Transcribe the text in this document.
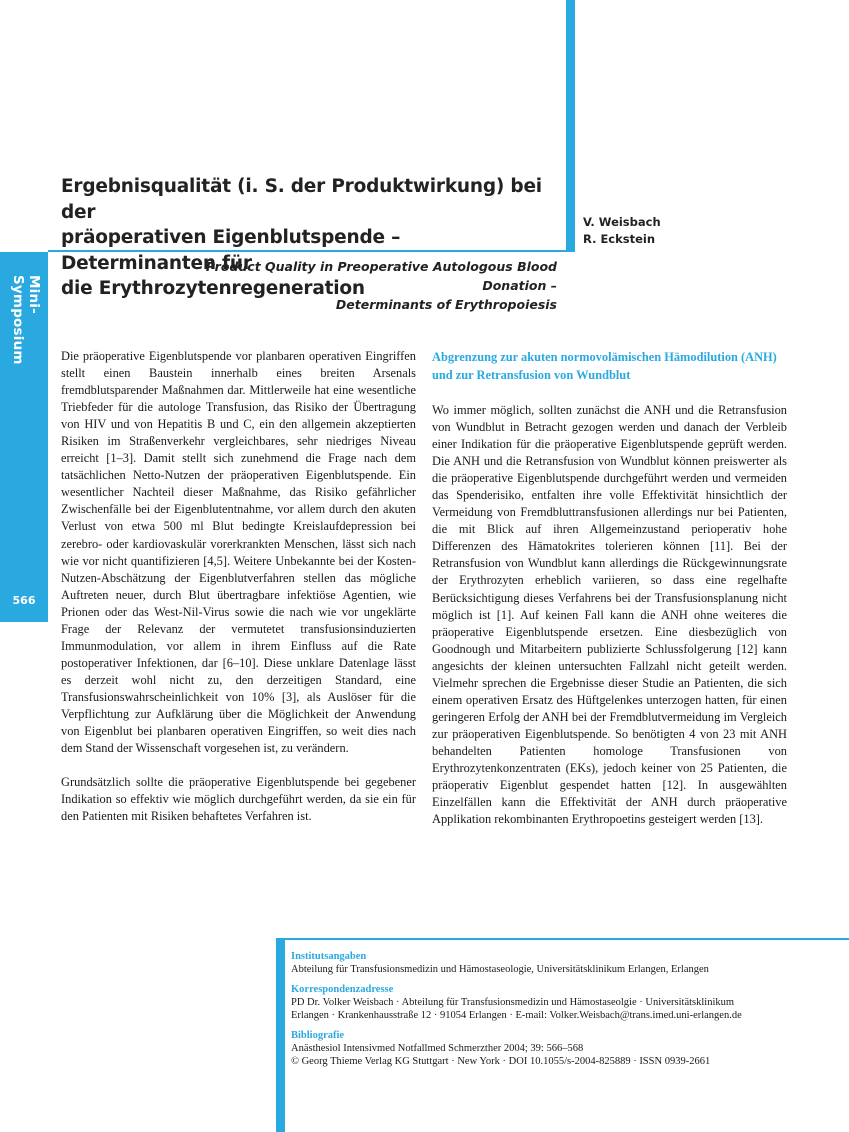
Mini-Symposium
566
Ergebnisqualität (i. S. der Produktwirkung) bei der
präoperativen Eigenblutspende – Determinanten für
die Erythrozytenregeneration
V. Weisbach
R. Eckstein
Product Quality in Preoperative Autologous Blood Donation –
Determinants of Erythropoiesis

Die präoperative Eigenblutspende vor planbaren operativen Eingriffen stellt einen Baustein innerhalb eines breiten Arsenals fremdblutsparender Maßnahmen dar. Mittlerweile hat eine wesentliche Triebfeder für die autologe Transfusion, das Risiko der Übertragung von HIV und von Hepatitis B und C, ein den allgemein akzeptierten Risiken im Straßenverkehr vergleichbares, sehr niedriges Niveau erreicht [1–3]. Damit stellt sich zunehmend die Frage nach dem tatsächlichen Netto-Nutzen der präoperativen Eigenblutspende. Ein wesentlicher Nachteil dieser Maßnahme, das Risiko gefährlicher Zwischenfälle bei der Eigenblutentnahme, vor allem durch den akuten Verlust von etwa 500 ml Blut bedingte Kreislaufdepression bei zerebro- oder kardiovaskulär vorerkrankten Menschen, lässt sich nach wie vor nicht quantifizieren [4,5]. Weitere Unbekannte bei der Kosten-Nutzen-Abschätzung der Eigenblutverfahren stellen das mögliche Auftreten neuer, durch Blut übertragbare infektiöse Agentien, wie Prionen oder das West-Nil-Virus sowie die nach wie vor ungeklärte Frage der Relevanz der vermutetet transfusionsinduzierten Immunmodulation, vor allem in ihrem Einfluss auf die Rate postoperativer Infektionen, dar [6–10]. Diese unklare Datenlage lässt es derzeit wohl nicht zu, den derzeitigen Standard, eine Transfusionswahrscheinlichkeit von 10% [3], als Auslöser für die Verpflichtung zur Aufklärung über die Möglichkeit der Anwendung von Eigenblut bei planbaren operativen Eingriffen, so weit dies nach dem Stand der Wissenschaft vorgesehen ist, zu verändern.

Grundsätzlich sollte die präoperative Eigenblutspende bei gegebener Indikation so effektiv wie möglich durchgeführt werden, da sie ein für den Patienten mit Risiken behaftetes Verfahren ist.

Abgrenzung zur akuten normovolämischen Hämodilution (ANH) und zur Retransfusion von Wundblut

Wo immer möglich, sollten zunächst die ANH und die Retransfusion von Wundblut in Betracht gezogen werden und danach der Verbleib einer Indikation für die präoperative Eigenblutspende geprüft werden. Die ANH und die Retransfusion von Wundblut können preiswerter als die präoperative Eigenblutspende durchgeführt werden und vermeiden das Spenderisiko, entfalten ihre volle Effektivität hinsichtlich der Vermeidung von Fremdbluttransfusionen allerdings nur bei Patienten, die mit Blick auf ihren Allgemeinzustand perioperativ hohe Differenzen des Hämatokrites tolerieren können [11]. Bei der Retransfusion von Wundblut kann allerdings die Rückgewinnungsrate der Erythrozyten erheblich variieren, so dass eine regelhafte Berücksichtigung dieses Verfahrens bei der Transfusionsplanung nicht möglich ist [1]. Auf keinen Fall kann die ANH ohne weiteres die präoperative Eigenblutspende ersetzen. Eine diesbezüglich von Goodnough und Mitarbeitern publizierte Schlussfolgerung [12] kann angesichts der kleinen untersuchten Fallzahl nicht geteilt werden. Vielmehr sprechen die Ergebnisse dieser Studie an Patienten, die sich einem operativen Ersatz des Hüftgelenkes unterzogen hatten, für einen geringeren Erfolg der ANH bei der Fremdblutvermeidung im Vergleich zur präoperativen Eigenblutspende. So benötigten 4 von 23 mit ANH behandelten Patienten homologe Transfusionen von Erythrozytenkonzentraten (EKs), jedoch keiner von 25 Patienten, die präoperativ Eigenblut gespendet hatten [12]. In ausgewählten Einzelfällen kann die Effektivität der ANH durch präoperative Applikation rekombinanten Erythropoetins gesteigert werden [13].

Institutsangaben
Abteilung für Transfusionsmedizin und Hämostaseologie, Universitätsklinikum Erlangen, Erlangen
Korrespondenzadresse
PD Dr. Volker Weisbach · Abteilung für Transfusionsmedizin und Hämostaseolgie · Universitätsklinikum
Erlangen · Krankenhausstraße 12 · 91054 Erlangen · E-mail: Volker.Weisbach@trans.imed.uni-erlangen.de
Bibliografie
Anästhesiol Intensivmed Notfallmed Schmerzther 2004; 39: 566–568
© Georg Thieme Verlag KG Stuttgart · New York · DOI 10.1055/s-2004-825889 · ISSN 0939-2661
